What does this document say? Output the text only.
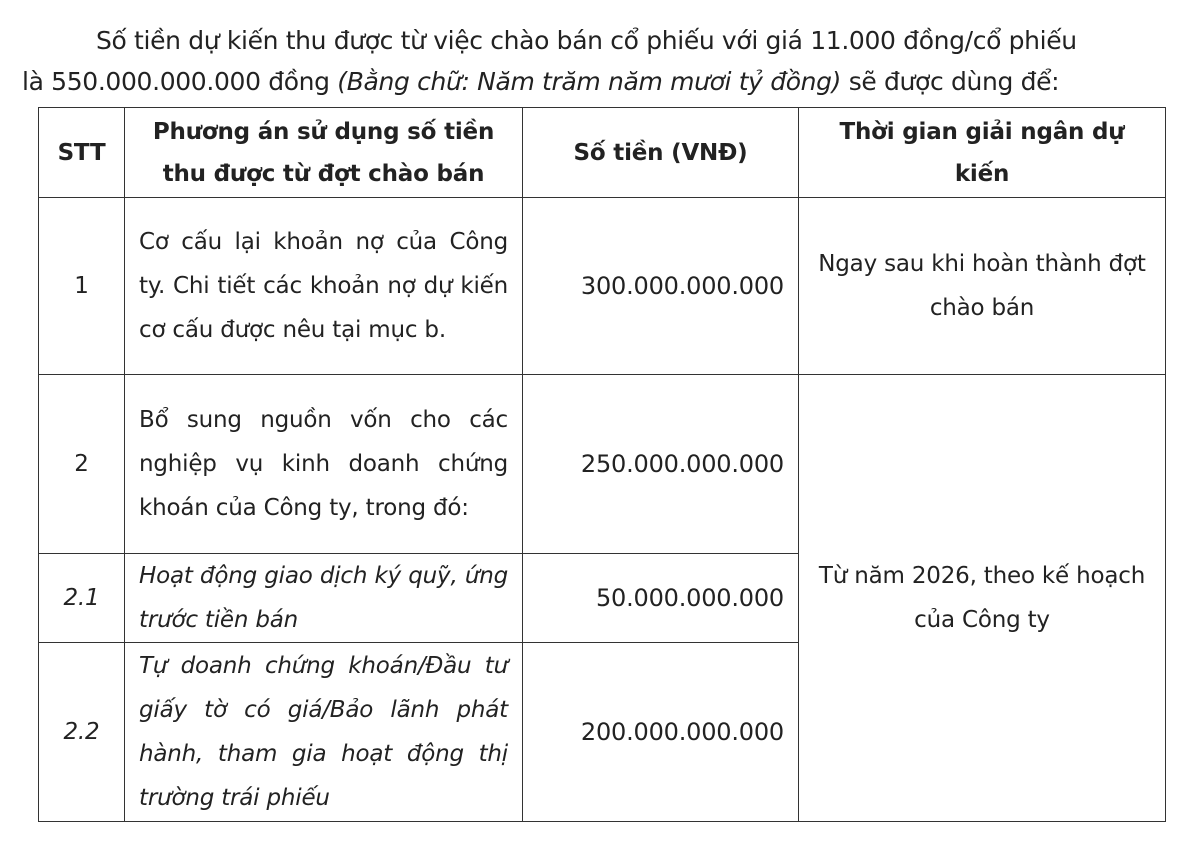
Số tiền dự kiến thu được từ việc chào bán cổ phiếu với giá 11.000 đồng/cổ phiếu
là 550.000.000.000 đồng (Bằng chữ: Năm trăm năm mươi tỷ đồng) sẽ được dùng để:
STT	Phương án sử dụng số tiền thu được từ đợt chào bán	Số tiền (VNĐ)	Thời gian giải ngân dự kiến
1	Cơ cấu lại khoản nợ của Công ty. Chi tiết các khoản nợ dự kiến cơ cấu được nêu tại mục b.	300.000.000.000	Ngay sau khi hoàn thành đợt chào bán
2	Bổ sung nguồn vốn cho các nghiệp vụ kinh doanh chứng khoán của Công ty, trong đó:	250.000.000.000	Từ năm 2026, theo kế hoạch của Công ty
2.1	Hoạt động giao dịch ký quỹ, ứng trước tiền bán	50.000.000.000	
2.2	Tự doanh chứng khoán/Đầu tư giấy tờ có giá/Bảo lãnh phát hành, tham gia hoạt động thị trường trái phiếu	200.000.000.000	
